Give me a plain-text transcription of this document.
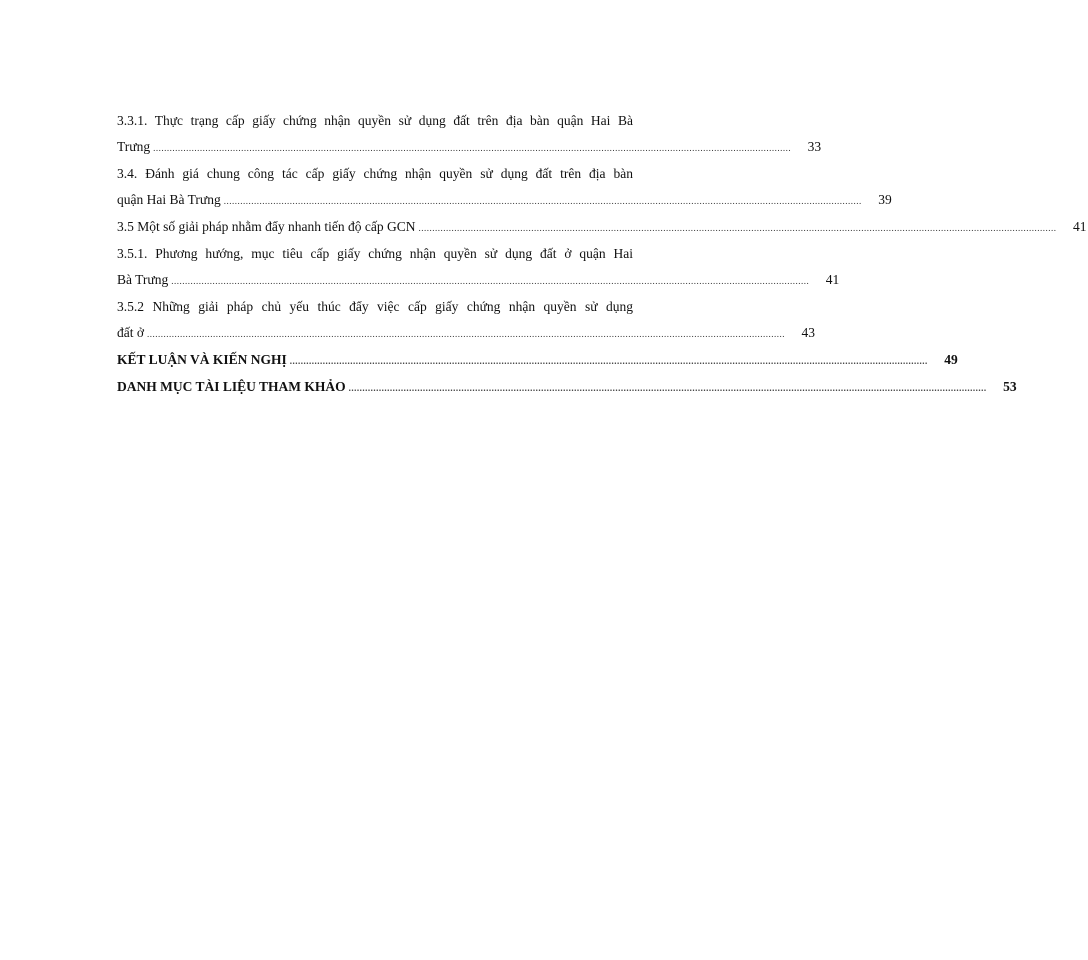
3.3.1. Thực trạng cấp giấy chứng nhận quyền sử dụng đất trên địa bàn quận Hai Bà
Trưng ........................................................................................................................................................................................................................................	33
3.4. Đánh giá chung công tác cấp giấy chứng nhận quyền sử dụng đất trên địa bàn
quận Hai Bà Trưng ........................................................................................................................................................................................................................................	39
3.5 Một số giải pháp nhằm đẩy nhanh tiến độ cấp GCN ........................................................................................................................................................................................................................................	41
3.5.1. Phương hướng, mục tiêu cấp giấy chứng nhận quyền sử dụng đất ở quận Hai
Bà Trưng ........................................................................................................................................................................................................................................	41
3.5.2 Những giải pháp chủ yếu thúc đẩy việc cấp giấy chứng nhận quyền sử dụng
đất ở ........................................................................................................................................................................................................................................	43
KẾT LUẬN VÀ KIẾN NGHỊ ........................................................................................................................................................................................................................................	49
DANH MỤC TÀI LIỆU THAM KHẢO ........................................................................................................................................................................................................................................	53
